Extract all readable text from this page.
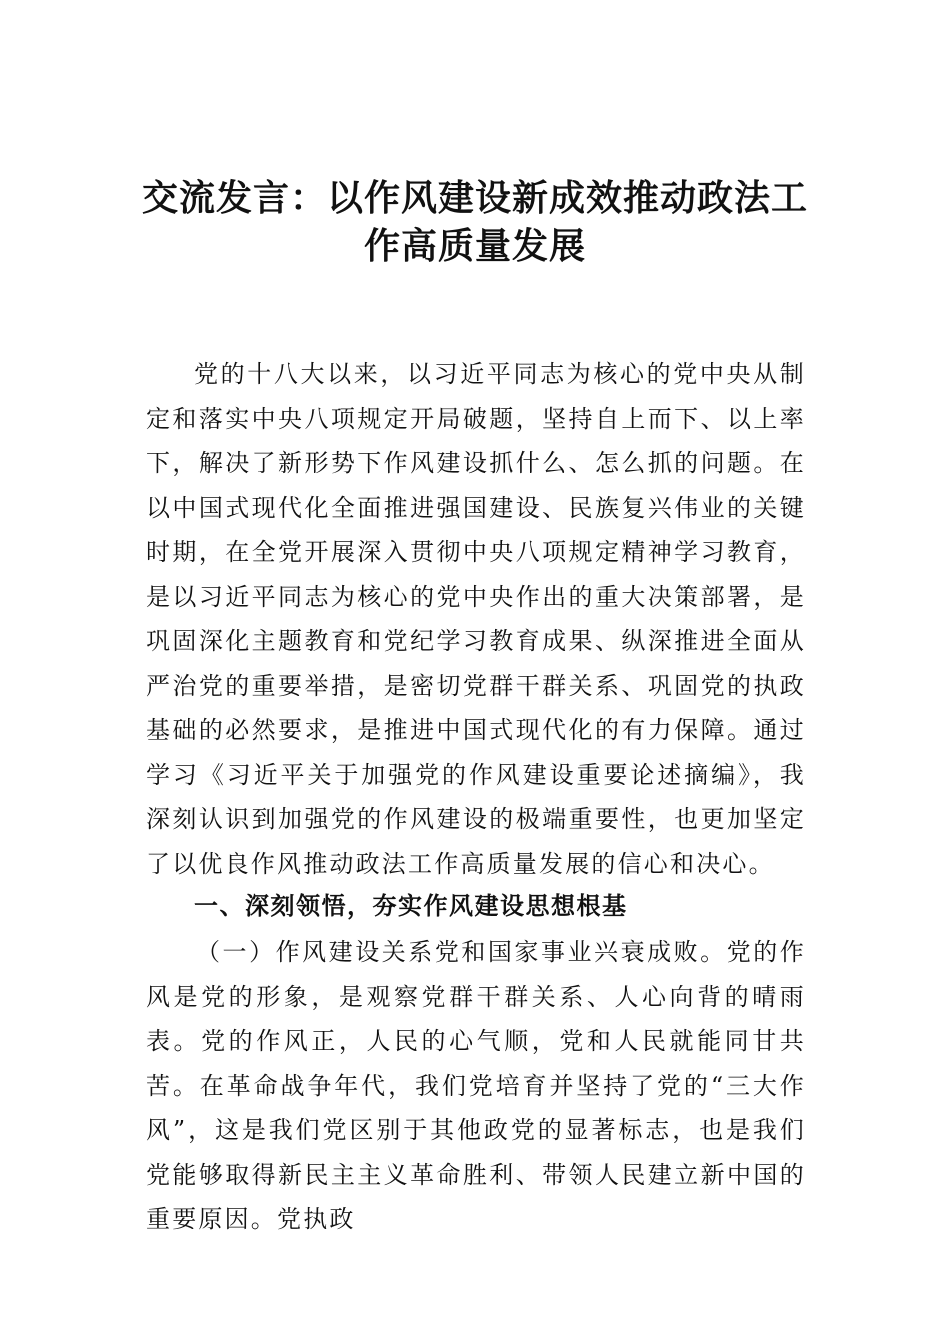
交流发言：以作风建设新成效推动政法工
作高质量发展

党的十八大以来，以习近平同志为核心的党中央从制定和落实中央八项规定开局破题，坚持自上而下、以上率下，解决了新形势下作风建设抓什么、怎么抓的问题。在以中国式现代化全面推进强国建设、民族复兴伟业的关键时期，在全党开展深入贯彻中央八项规定精神学习教育，是以习近平同志为核心的党中央作出的重大决策部署，是巩固深化主题教育和党纪学习教育成果、纵深推进全面从严治党的重要举措，是密切党群干群关系、巩固党的执政基础的必然要求，是推进中国式现代化的有力保障。通过学习《习近平关于加强党的作风建设重要论述摘编》，我深刻认识到加强党的作风建设的极端重要性，也更加坚定了以优良作风推动政法工作高质量发展的信心和决心。

一、深刻领悟，夯实作风建设思想根基

（一）作风建设关系党和国家事业兴衰成败。党的作风是党的形象，是观察党群干群关系、人心向背的晴雨表。党的作风正，人民的心气顺，党和人民就能同甘共苦。在革命战争年代，我们党培育并坚持了党的“三大作风”，这是我们党区别于其他政党的显著标志，也是我们党能够取得新民主主义革命胜利、带领人民建立新中国的重要原因。党执政
